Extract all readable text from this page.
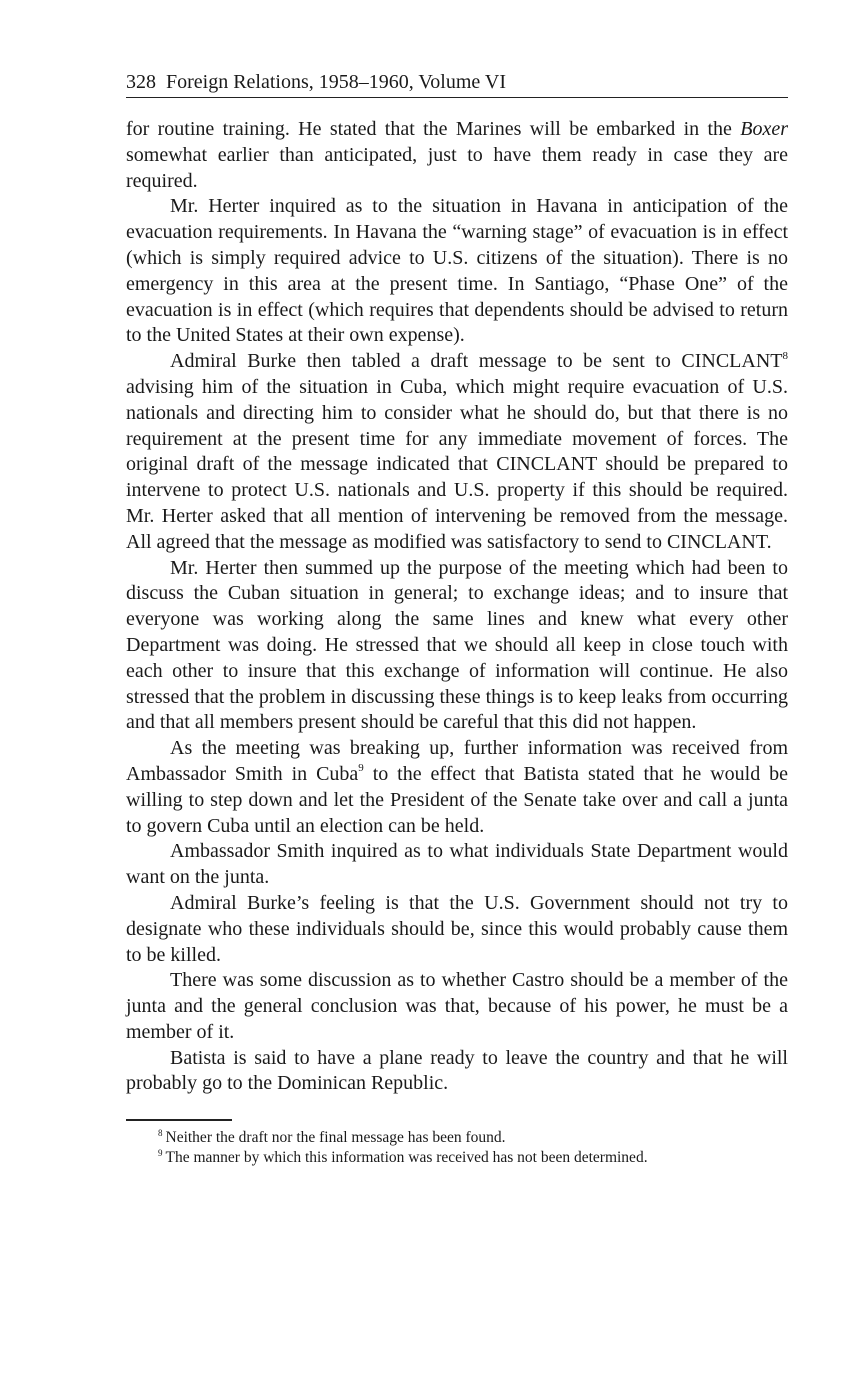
328 Foreign Relations, 1958–1960, Volume VI

for routine training. He stated that the Marines will be embarked in the Boxer somewhat earlier than anticipated, just to have them ready in case they are required.

Mr. Herter inquired as to the situation in Havana in anticipation of the evacuation requirements. In Havana the “warning stage” of evacuation is in effect (which is simply required advice to U.S. citizens of the situation). There is no emergency in this area at the present time. In Santiago, “Phase One” of the evacuation is in effect (which requires that dependents should be advised to return to the United States at their own expense).

Admiral Burke then tabled a draft message to be sent to CINCLANT$^8$ advising him of the situation in Cuba, which might require evacuation of U.S. nationals and directing him to consider what he should do, but that there is no requirement at the present time for any immediate movement of forces. The original draft of the message indicated that CINCLANT should be prepared to intervene to protect U.S. nationals and U.S. property if this should be required. Mr. Herter asked that all mention of intervening be removed from the message. All agreed that the message as modified was satisfactory to send to CINCLANT.

Mr. Herter then summed up the purpose of the meeting which had been to discuss the Cuban situation in general; to exchange ideas; and to insure that everyone was working along the same lines and knew what every other Department was doing. He stressed that we should all keep in close touch with each other to insure that this exchange of information will continue. He also stressed that the problem in discussing these things is to keep leaks from occurring and that all members present should be careful that this did not happen.

As the meeting was breaking up, further information was received from Ambassador Smith in Cuba$^9$ to the effect that Batista stated that he would be willing to step down and let the President of the Senate take over and call a junta to govern Cuba until an election can be held.

Ambassador Smith inquired as to what individuals State Department would want on the junta.

Admiral Burke’s feeling is that the U.S. Government should not try to designate who these individuals should be, since this would probably cause them to be killed.

There was some discussion as to whether Castro should be a member of the junta and the general conclusion was that, because of his power, he must be a member of it.

Batista is said to have a plane ready to leave the country and that he will probably go to the Dominican Republic.

$^8$ Neither the draft nor the final message has been found.

$^9$ The manner by which this information was received has not been determined.
